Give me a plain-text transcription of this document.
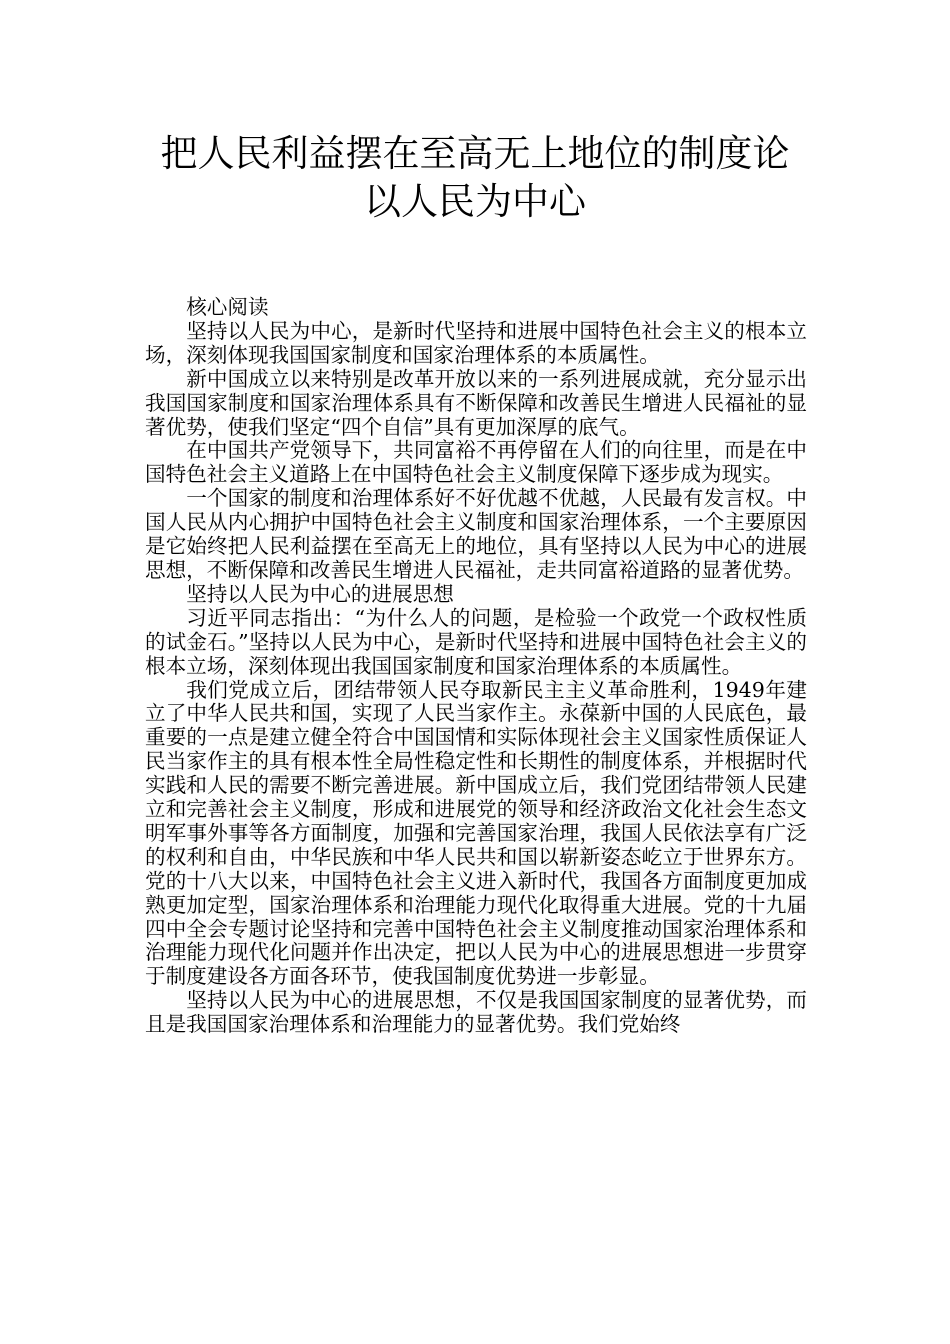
把人民利益摆在至高无上地位的制度论
以人民为中心

核心阅读

坚持以人民为中心，是新时代坚持和进展中国特色社会主义的根本立场，深刻体现我国国家制度和国家治理体系的本质属性。

新中国成立以来特别是改革开放以来的一系列进展成就，充分显示出我国国家制度和国家治理体系具有不断保障和改善民生增进人民福祉的显著优势，使我们坚定“四个自信”具有更加深厚的底气。

在中国共产党领导下，共同富裕不再停留在人们的向往里，而是在中国特色社会主义道路上在中国特色社会主义制度保障下逐步成为现实。

一个国家的制度和治理体系好不好优越不优越，人民最有发言权。中国人民从内心拥护中国特色社会主义制度和国家治理体系，一个主要原因是它始终把人民利益摆在至高无上的地位，具有坚持以人民为中心的进展思想，不断保障和改善民生增进人民福祉，走共同富裕道路的显著优势。

坚持以人民为中心的进展思想

习近平同志指出：“为什么人的问题，是检验一个政党一个政权性质的试金石。”坚持以人民为中心，是新时代坚持和进展中国特色社会主义的根本立场，深刻体现出我国国家制度和国家治理体系的本质属性。

我们党成立后，团结带领人民夺取新民主主义革命胜利，1949年建立了中华人民共和国，实现了人民当家作主。永葆新中国的人民底色，最重要的一点是建立健全符合中国国情和实际体现社会主义国家性质保证人民当家作主的具有根本性全局性稳定性和长期性的制度体系，并根据时代实践和人民的需要不断完善进展。新中国成立后，我们党团结带领人民建立和完善社会主义制度，形成和进展党的领导和经济政治文化社会生态文明军事外事等各方面制度，加强和完善国家治理，我国人民依法享有广泛的权利和自由，中华民族和中华人民共和国以崭新姿态屹立于世界东方。党的十八大以来，中国特色社会主义进入新时代，我国各方面制度更加成熟更加定型，国家治理体系和治理能力现代化取得重大进展。党的十九届四中全会专题讨论坚持和完善中国特色社会主义制度推动国家治理体系和治理能力现代化问题并作出决定，把以人民为中心的进展思想进一步贯穿于制度建设各方面各环节，使我国制度优势进一步彰显。

坚持以人民为中心的进展思想，不仅是我国国家制度的显著优势，而且是我国国家治理体系和治理能力的显著优势。我们党始终
